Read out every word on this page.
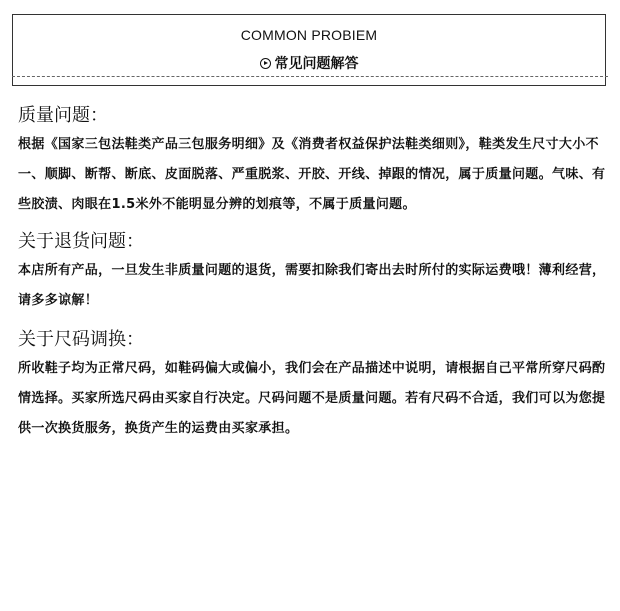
COMMON PROBIEM
常见问题解答
质量问题：

根据《国家三包法鞋类产品三包服务明细》及《消费者权益保护法鞋类细则》，鞋类发生尺寸大小不一、顺脚、断帮、断底、皮面脱落、严重脱浆、开胶、开线、掉跟的情况，属于质量问题。气味、有些胶渍、肉眼在1.5米外不能明显分辨的划痕等，不属于质量问题。

关于退货问题：

本店所有产品，一旦发生非质量问题的退货，需要扣除我们寄出去时所付的实际运费哦！薄利经营，请多多谅解！

关于尺码调换：

所收鞋子均为正常尺码，如鞋码偏大或偏小，我们会在产品描述中说明，请根据自己平常所穿尺码酌情选择。买家所选尺码由买家自行决定。尺码问题不是质量问题。若有尺码不合适，我们可以为您提供一次换货服务，换货产生的运费由买家承担。
